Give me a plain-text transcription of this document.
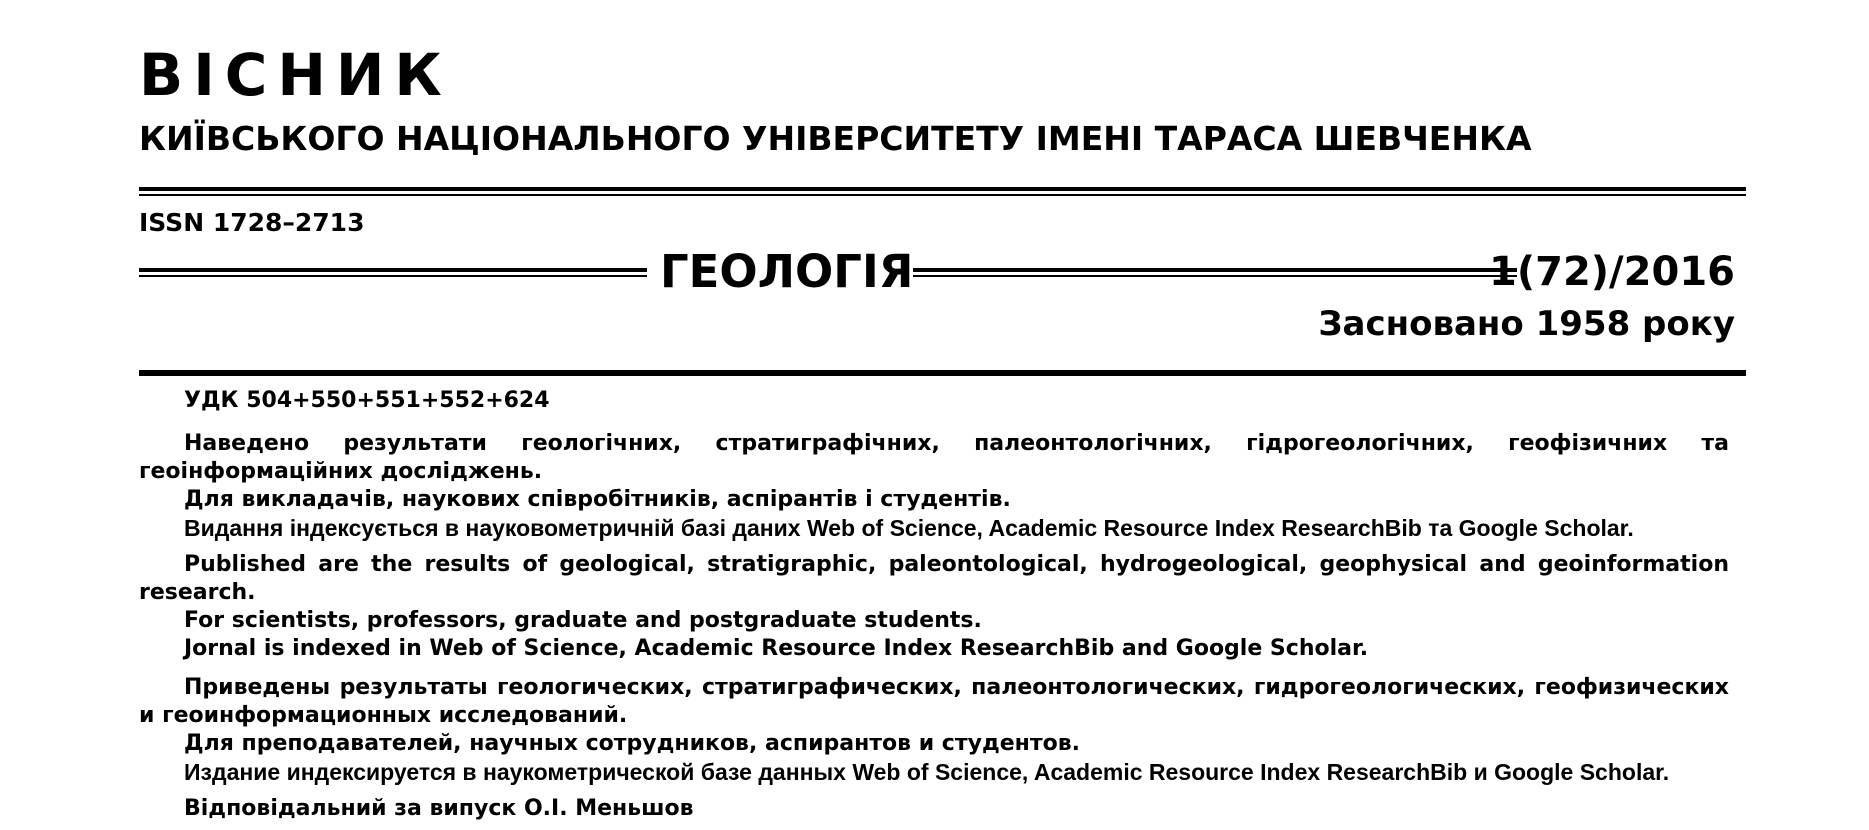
ВІСНИК
КИЇВСЬКОГО НАЦІОНАЛЬНОГО УНІВЕРСИТЕТУ ІМЕНІ ТАРАСА ШЕВЧЕНКА
ISSN 1728–2713
ГЕОЛОГІЯ	1(72)/2016
Засновано 1958 року

УДК 504+550+551+552+624

Наведено результати геологічних, стратиграфічних, палеонтологічних, гідрогеологічних, геофізичних та геоінформаційних досліджень.

Для викладачів, наукових співробітників, аспірантів і студентів.

Видання індексується в науковометричній базі даних Web of Science, Academic Resource Index ResearchBib та Google Scholar.

Published are the results of geological, stratigraphic, paleontological, hydrogeological, geophysical and geoinformation research.

For scientists, professors, graduate and postgraduate students.

Jornal is indexed in Web of Science, Academic Resource Index ResearchBib and Google Scholar.

Приведены результаты геологических, стратиграфических, палеонтологических, гидрогеологических, геофизических и геоинформационных исследований.

Для преподавателей, научных сотрудников, аспирантов и студентов.

Издание индексируется в наукометрической базе данных Web of Science, Academic Resource Index ResearchBib и Google Scholar.

Відповідальний за випуск О.І. Меньшов
